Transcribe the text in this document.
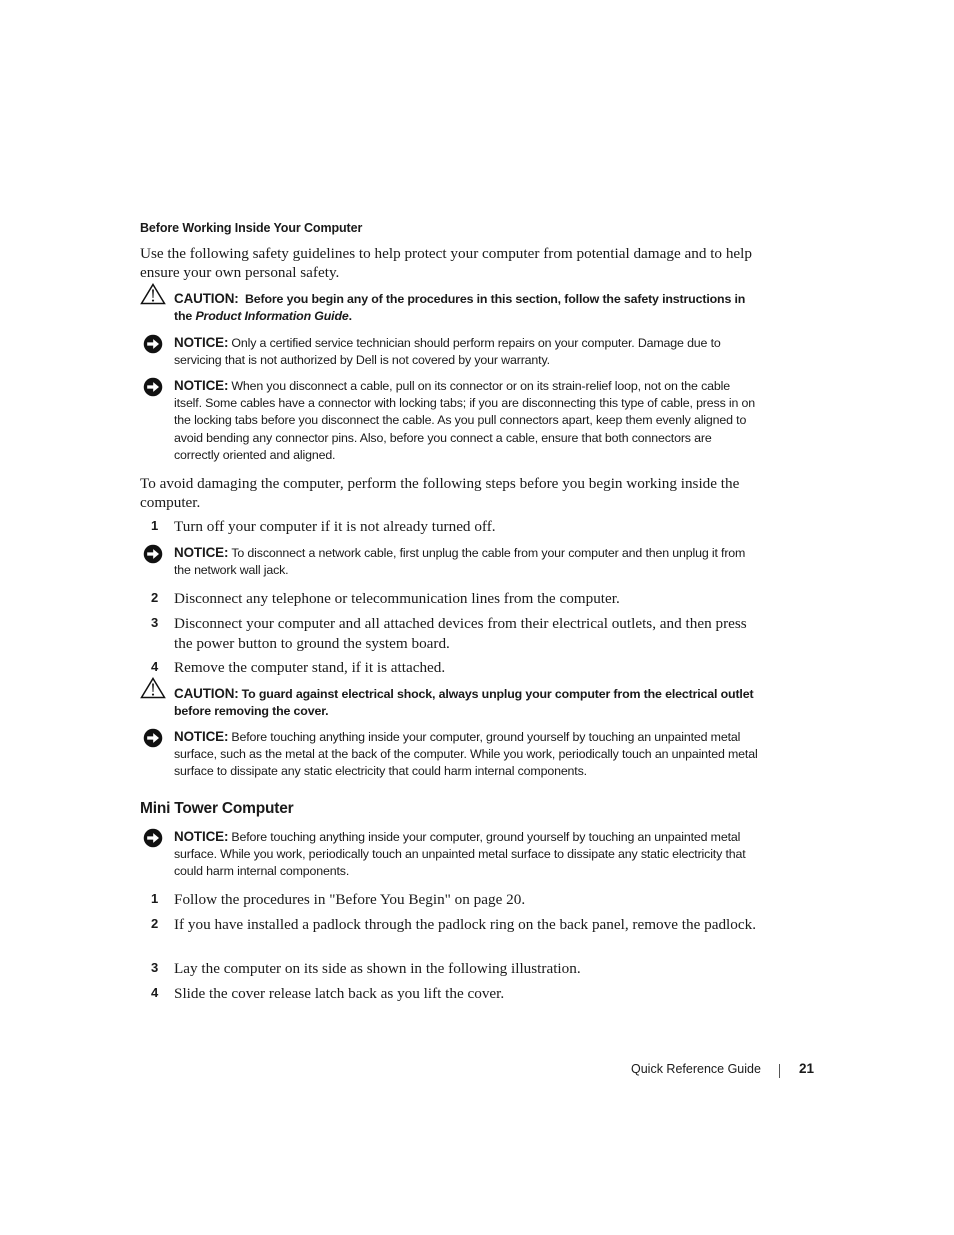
Before Working Inside Your Computer
Use the following safety guidelines to help protect your computer from potential damage and to help ensure your own personal safety.
CAUTION: Before you begin any of the procedures in this section, follow the safety instructions in the Product Information Guide.
NOTICE: Only a certified service technician should perform repairs on your computer. Damage due to servicing that is not authorized by Dell is not covered by your warranty.
NOTICE: When you disconnect a cable, pull on its connector or on its strain-relief loop, not on the cable itself. Some cables have a connector with locking tabs; if you are disconnecting this type of cable, press in on the locking tabs before you disconnect the cable. As you pull connectors apart, keep them evenly aligned to avoid bending any connector pins. Also, before you connect a cable, ensure that both connectors are correctly oriented and aligned.
To avoid damaging the computer, perform the following steps before you begin working inside the computer.
1 Turn off your computer if it is not already turned off.
NOTICE: To disconnect a network cable, first unplug the cable from your computer and then unplug it from the network wall jack.
2 Disconnect any telephone or telecommunication lines from the computer.
3 Disconnect your computer and all attached devices from their electrical outlets, and then press the power button to ground the system board.
4 Remove the computer stand, if it is attached.
CAUTION: To guard against electrical shock, always unplug your computer from the electrical outlet before removing the cover.
NOTICE: Before touching anything inside your computer, ground yourself by touching an unpainted metal surface, such as the metal at the back of the computer. While you work, periodically touch an unpainted metal surface to dissipate any static electricity that could harm internal components.
Mini Tower Computer
NOTICE: Before touching anything inside your computer, ground yourself by touching an unpainted metal surface. While you work, periodically touch an unpainted metal surface to dissipate any static electricity that could harm internal components.
1 Follow the procedures in "Before You Begin" on page 20.
2 If you have installed a padlock through the padlock ring on the back panel, remove the padlock.
3 Lay the computer on its side as shown in the following illustration.
4 Slide the cover release latch back as you lift the cover.
Quick Reference Guide	21
